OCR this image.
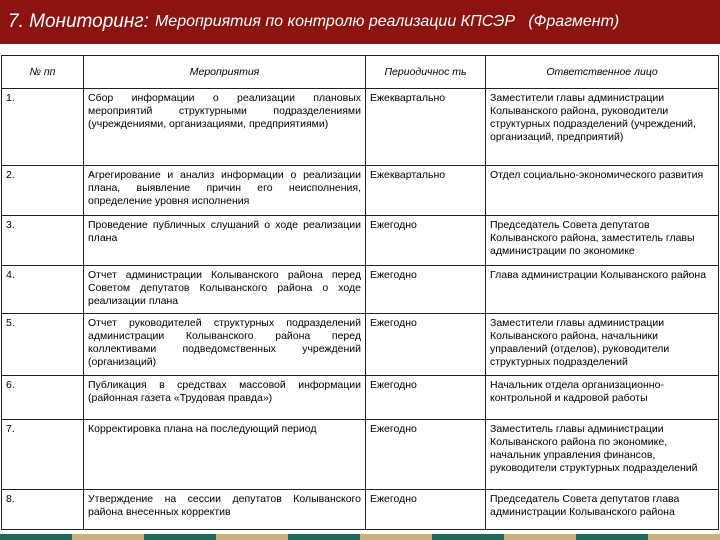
7. Мониторинг: Мероприятия по контролю реализации КПСЭР   (Фрагмент)
№ пп	Мероприятия	Периодичнос ть	Ответственное лицо
1.	Сбор информации о реализации плановых мероприятий структурными подразделениями (учреждениями, организациями, предприятиями)	Ежеквартально	Заместители главы администрации Колыванского района, руководители структурных подразделений (учреждений, организаций, предприятий)
2.	Агрегирование и анализ информации о реализации плана, выявление причин его неисполнения, определение уровня исполнения	Ежеквартально	Отдел социально-экономического развития
3.	Проведение публичных слушаний о ходе реализации плана	Ежегодно	Председатель Совета депутатов Колыванского района, заместитель главы администрации по экономике
4.	Отчет администрации Колыванского района перед Советом депутатов Колыванского района о ходе реализации плана	Ежегодно	Глава администрации Колыванского района
5.	Отчет руководителей структурных подразделений администрации Колыванского района перед коллективами подведомственных учреждений (организаций)	Ежегодно	Заместители главы администрации Колыванского района, начальники управлений (отделов), руководители структурных подразделений
6.	Публикация в средствах массовой информации (районная газета «Трудовая правда»)	Ежегодно	Начальник отдела организационно-контрольной и кадровой работы
7.	Корректировка плана на последующий период	Ежегодно	Заместитель главы администрации Колыванского района по экономике, начальник управления финансов, руководители структурных подразделений
8.	Утверждение на сессии депутатов Колыванского района внесенных корректив	Ежегодно	Председатель Совета депутатов глава администрации Колыванского района
